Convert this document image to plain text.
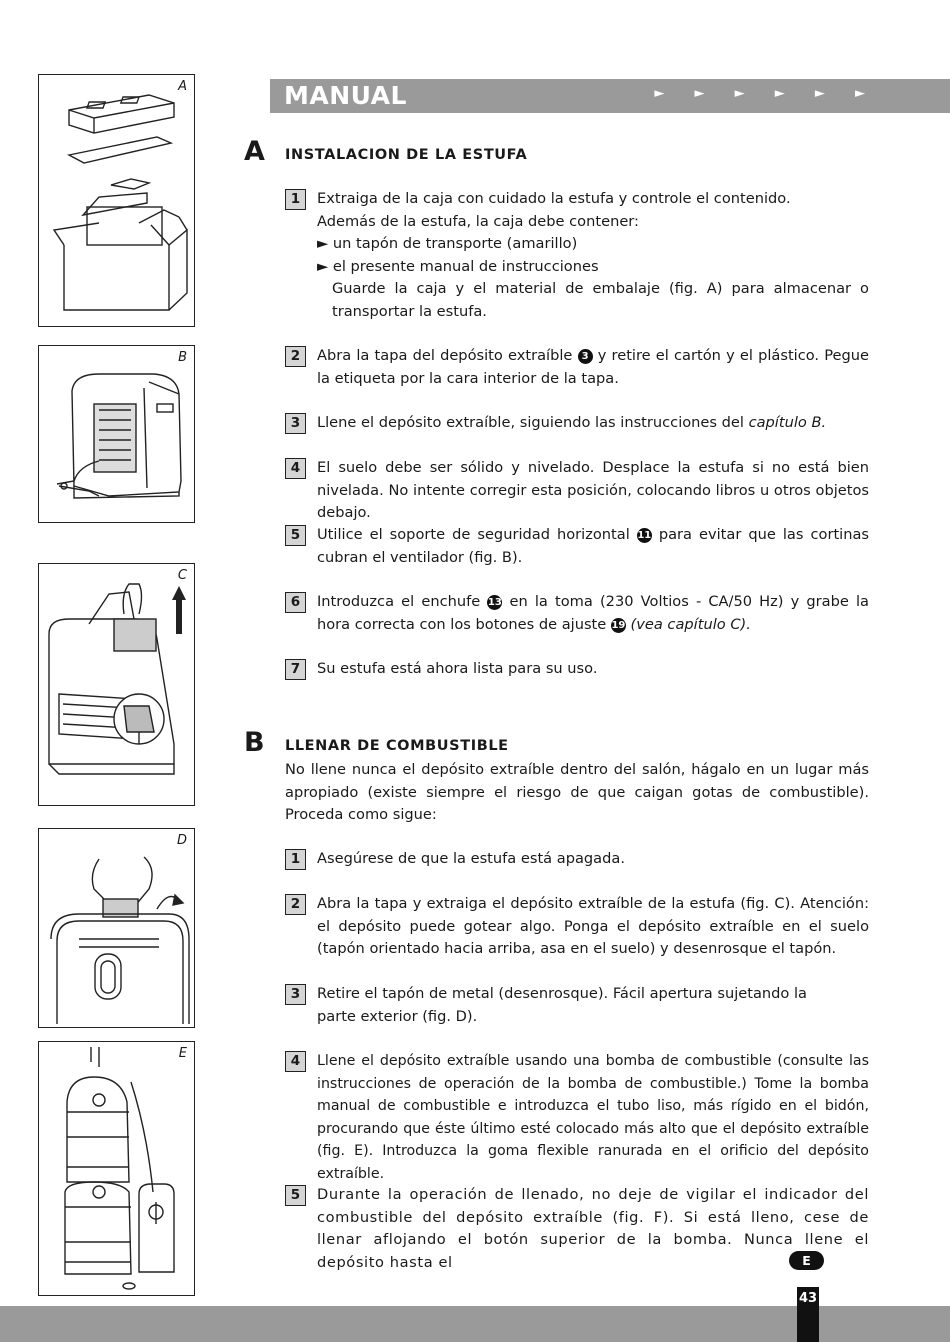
A
B
C
D
E
MANUAL	► ► ► ► ► ►
A INSTALACION DE LA ESTUFA
1	Extraiga de la caja con cuidado la estufa y controle el contenido.
Además de la estufa, la caja debe contener:
► un tapón de transporte (amarillo)
► el presente manual de instrucciones
Guarde la caja y el material de embalaje (fig. A) para almacenar o transportar la estufa.
2	Abra la tapa del depósito extraíble 3 y retire el cartón y el plástico. Pegue la etiqueta por la cara interior de la tapa.
3	Llene el depósito extraíble, siguiendo las instrucciones del capítulo B.
4	El suelo debe ser sólido y nivelado. Desplace la estufa si no está bien nivelada. No intente corregir esta posición, colocando libros u otros objetos debajo.
5	Utilice el soporte de seguridad horizontal 11 para evitar que las cortinas cubran el ventilador (fig. B).
6	Introduzca el enchufe 13 en la toma (230 Voltios - CA/50 Hz) y grabe la hora correcta con los botones de ajuste 19 (vea capítulo C).
7	Su estufa está ahora lista para su uso.
B LLENAR DE COMBUSTIBLE
No llene nunca el depósito extraíble dentro del salón, hágalo en un lugar más apropiado (existe siempre el riesgo de que caigan gotas de combustible). Proceda como sigue:
1	Asegúrese de que la estufa está apagada.
2	Abra la tapa y extraiga el depósito extraíble de la estufa (fig. C). Atención: el depósito puede gotear algo. Ponga el depósito extraíble en el suelo (tapón orientado hacia arriba, asa en el suelo) y desenrosque el tapón.
3	Retire el tapón de metal (desenrosque). Fácil apertura sujetando la parte exterior (fig. D).
4	Llene el depósito extraíble usando una bomba de combustible (consulte las instrucciones de operación de la bomba de combustible.) Tome la bomba manual de combustible e introduzca el tubo liso, más rígido en el bidón, procurando que éste último esté colocado más alto que el depósito extraíble (fig. E). Introduzca la goma flexible ranurada en el orificio del depósito extraíble.
5	Durante la operación de llenado, no deje de vigilar el indicador del combustible del depósito extraíble (fig. F). Si está lleno, cese de llenar aflojando el botón superior de la bomba. Nunca llene el depósito hasta el	E
43
